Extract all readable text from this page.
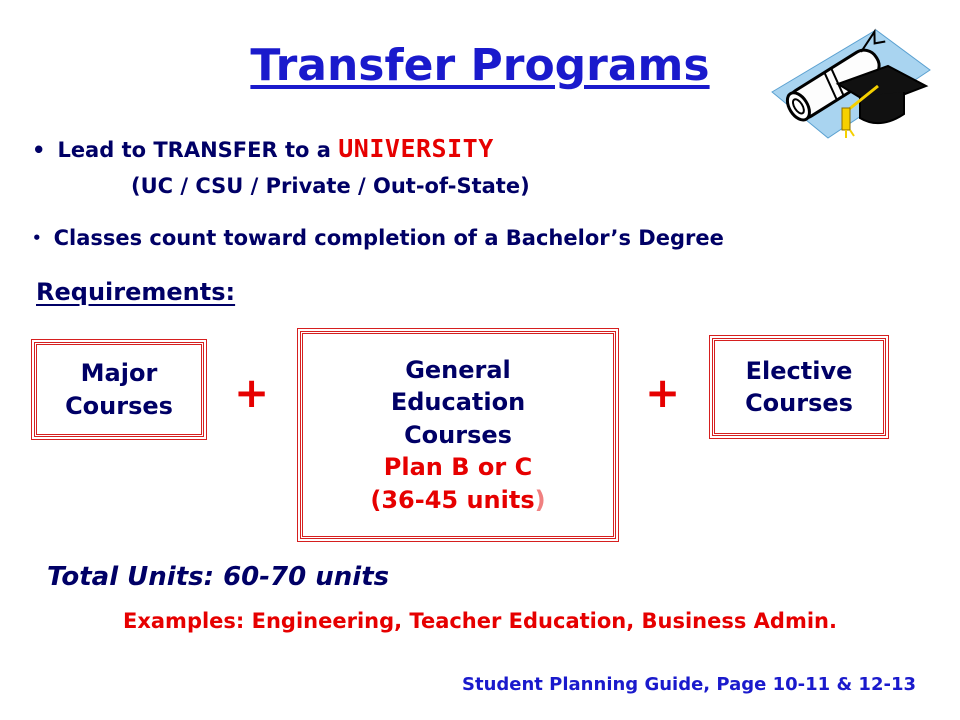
Transfer Programs
• Lead to TRANSFER to a UNIVERSITY
(UC / CSU / Private / Out-of-State)
• Classes count toward completion of a Bachelor’s Degree
Requirements:
Major
Courses +	General
Education
Courses
Plan B or C
(36-45 units)
+	Elective
Courses
Total Units: 60-70 units
Examples: Engineering, Teacher Education, Business Admin.
Student Planning Guide, Page 10-11 & 12-13
